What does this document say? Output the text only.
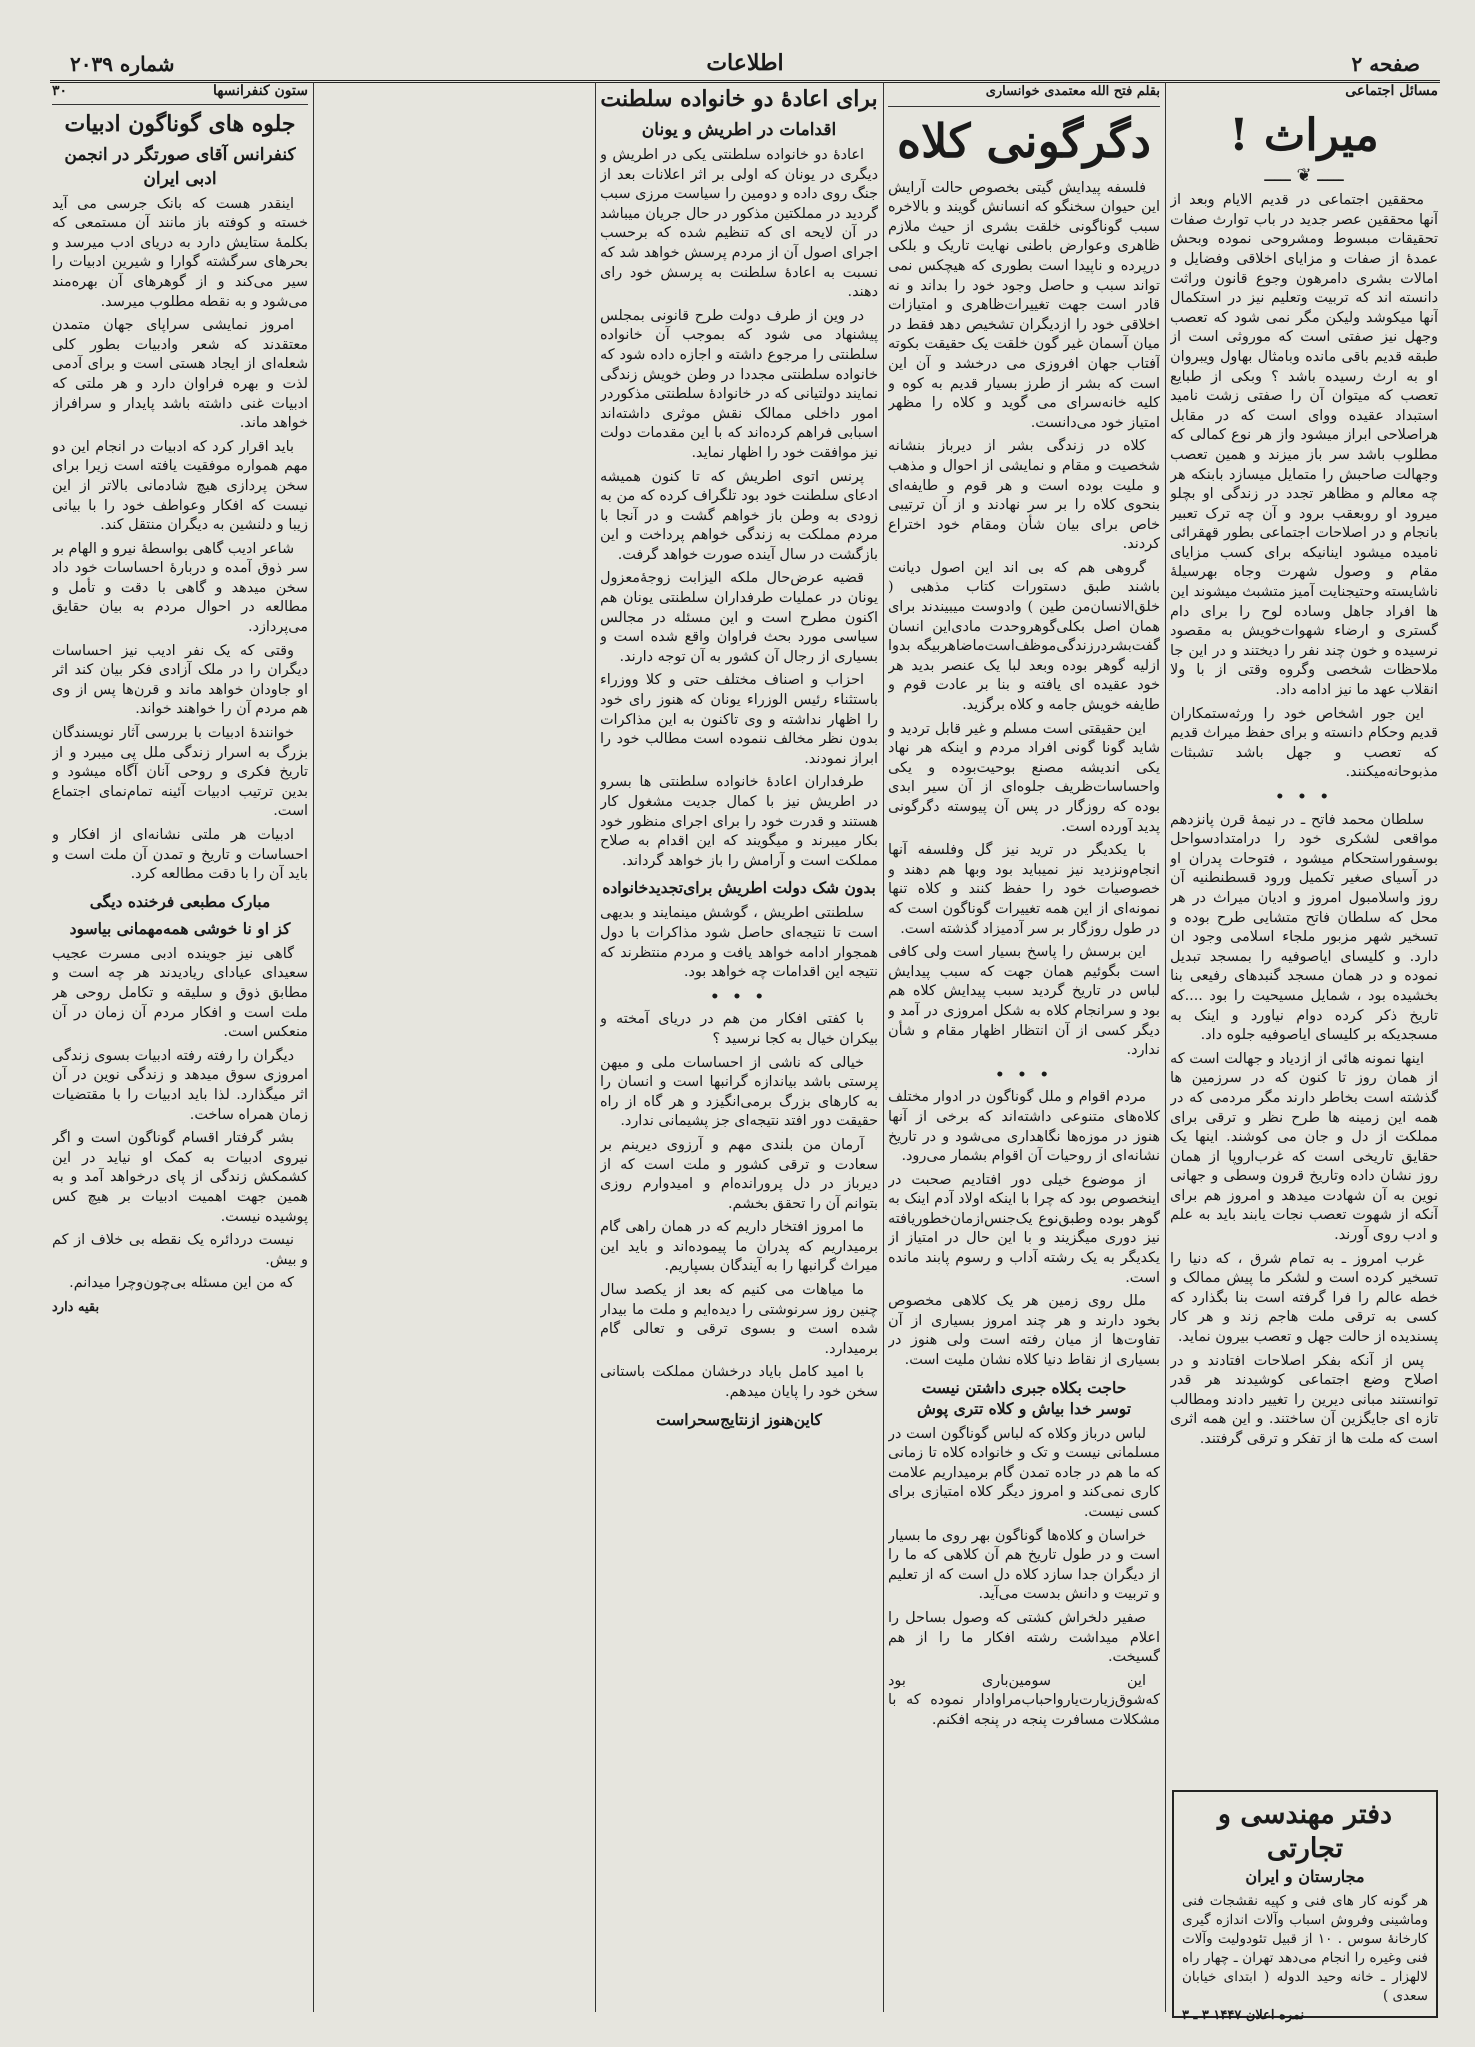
صفحه ۲
اطلاعات
شماره ۲۰۳۹
مسائل اجتماعی
میراث !
ـــــ ❦ ـــــ

محققین اجتماعی در قدیم الایام وبعد از آنها محققین عصر جدید در باب توارث صفات تحقیقات مبسوط ومشروحی نموده وبحش عمدهٔ از صفات و مزایای اخلاقی وفضایل و امالات بشری دامرهون وجوع قانون وراثت دانسته اند که تربیت وتعلیم نیز در استکمال آنها میکوشد ولیکن مگر نمی شود که تعصب وجهل نیز صفتی است که موروثی است از طبقه قدیم باقی مانده وبامثال بهاول ویبروان او به ارث رسیده باشد ؟ وبکی از طبایع تعصب که میتوان آن را صفتی زشت نامید استبداد عقیده ووای است که در مقابل هراصلاحی ابراز میشود واز هر نوع کمالی که مطلوب باشد سر باز میزند و همین تعصب وجهالت صاحبش را متمایل میسازد بابنکه هر چه معالم و مظاهر تجدد در زندگی او بچلو میرود او روبعقب برود و آن چه ترک تعبیر بانجام و در اصلاحات اجتماعی بطور قهقرائی نامیده میشود اینانیکه برای کسب مزایای مقام و وصول شهرت وجاه بهرسیلهٔ ناشایسته وحتیجنایت آمیز متشبث میشوند این ها افراد جاهل وساده لوح را برای دام گستری و ارضاء شهوات‌خویش به مقصود نرسیده و خون چند نفر را دیختند و در این جا ملاحظات شخصی وگروه وقتی از با ولا انقلاب عهد ما نیز ادامه داد.

این جور اشخاص خود را ورثه‌ستمکاران قدیم وحکام دانسته و برای حفظ میراث قدیم که تعصب و جهل باشد تشبثات مذبوحانه‌میکنند.

• • •

سلطان محمد فاتح ـ در نیمهٔ قرن پانزدهم مواقعی لشکری خود را درامتدادسواحل بوسفوراستحکام میشود ، فتوحات پدران او در آسیای صغیر تکمیل ورود قسطنطنیه آن روز واسلامبول امروز و ادیان میراث در هر محل که سلطان فاتح متشایی طرح بوده و تسخیر شهر مزبور ملجاء اسلامی وجود ان دارد. و کلیسای ایاصوفیه را بمسجد تبدیل نموده و در همان مسجد گنبدهای رفیعی بنا بخشیده بود ، شمایل مسیحیت را بود ....که تاریخ ذکر کرده دوام نیاورد و اینک به مسجدیکه بر کلیسای ایاصوفیه جلوه داد.

اینها نمونه هائی از ازدیاد و جهالت است که از همان روز تا کنون که در سرزمین ها گذشته است بخاطر دارند مگر مردمی که در همه این زمینه ها طرح نظر و ترقی برای مملکت از دل و جان می کوشند. اینها یک حقایق تاریخی است که غرب‌اروپا از همان روز نشان داده وتاریخ قرون وسطی و جهانی نوین به آن شهادت میدهد و امروز هم برای آنکه از شهوت تعصب نجات یابند باید به علم و ادب روی آورند.

غرب امروز ـ به تمام شرق ، که دنیا را تسخیر کرده است و لشکر ما پیش ممالک و خطه عالم را فرا گرفته است بنا بگذارد که کسی به ترقی ملت هاجم زند و هر کار پسندیده از حالت جهل و تعصب بیرون نماید.

پس از آنکه بفکر اصلاحات افتادند و در اصلاح وضع اجتماعی کوشیدند هر قدر توانستند مبانی دیرین را تغییر دادند ومطالب تازه ای جایگزین آن ساختند. و این همه اثری است که ملت ها از تفکر و ترقی گرفتند.

دفتر مهندسی و تجارتی
مجارستان و ایران
هر گونه کار های فنی و کپیه نقشجات فنی وماشینی وفروش اسباب وآلات اندازه‌ گیری کارخانهٔ سوس . ۱۰ از قبیل تئودولیت وآلات فنی وغیره را انجام می‌دهد تهران ـ چهار راه لالهزار ـ خانه وحید الدوله ( ابتدای خیابان سعدی )
نمره اعلان ۱۴۴۷ ۳ ـ ۳
بقلم فتح الله معتمدی خوانساری
دگرگونی کلاه

فلسفه پیدایش گیتی بخصوص حالت آرایش این حیوان سخنگو که انسانش گویند و بالاخره سبب گوناگونی خلقت بشری از حیث ملازم ظاهری وعوارض باطنی نهایت تاریک و بلکی درپرده و ناپیدا است بطوری که هیچکس نمی تواند سبب و حاصل وجود خود را بداند و نه قادر است جهت تغییرات‌ظاهری‌ و امتیازات اخلاقی خود را ازدیگران تشخیص دهد فقط در میان آسمان غیر گون خلقت یک حقیقت بکوته آفتاب جهان افروزی می درخشد و آن این است که بشر از طرز بسیار قدیم به کوه و کلیه خانه‌سرای می گوید و کلاه را مظهر امتیاز خود می‌دانست.

کلاه در زندگی بشر از دیرباز بنشانه شخصیت و مقام و نمایشی از احوال و مذهب و ملیت بوده است و هر قوم و طایفه‌ای بنحوی کلاه را بر سر نهادند و از آن ترتیبی خاص برای بیان شأن ومقام خود اختراع کردند.

گروهی هم که بی اند این اصول دیانت باشند طبق دستورات کتاب مذهبی ( خلق‌الانسان‌من‌ طین ) وادوست میبیندند برای همان اصل بکلی‌گوهروحدت مادی‌این انسان گفت‌بشر‌درزندگی‌موظف‌است‌ماضاهر‌بیگه بدوا ازلیه گوهر بوده وبعد لبا یک عنصر بدید هر خود عقیده ای یافته و بنا بر عادت قوم و طایفه خویش جامه و کلاه برگزید.

این حقیقتی است مسلم و غیر قابل تردید و شاید گونا گونی افراد مردم و اینکه هر نهاد یکی اندیشه مصنع بوحیت‌بوده و یکی واحساسات‌ظریف جلوه‌ای از آن سیر ابدی بوده که روزگار در پس آن پیوسته دگرگونی پدید آورده است.

با یکدیگر در ترید نیز گل وفلسفه آنها انجام‌ونزدید نیز نمیباید بود وبها هم دهند و خصوصیات خود را حفظ کنند و کلاه تنها نمونه‌ای از این همه تغییرات گوناگون است که در طول روزگار بر سر آدمیزاد گذشته است.

این برسش را پاسخ بسیار است ولی کافی است بگوئیم همان جهت که سبب پیدایش لباس در تاریخ گردید سبب پیدایش کلاه هم بود و سرانجام کلاه به شکل امروزی در آمد و دیگر کسی از آن انتظار اظهار مقام و شأن ندارد.

• • •

مردم اقوام و ملل گوناگون در ادوار مختلف کلاه‌های متنوعی داشته‌اند که برخی از آنها هنوز در موزه‌ها نگاهداری می‌شود و در تاریخ نشانه‌ای از روحیات آن اقوام بشمار می‌رود.

از موضوع خیلی دور افتادیم صحبت در اینخصوص بود که چرا با اینکه اولاد آدم اینک به گوهر بوده وطبق‌نوع‌ یک‌جنس‌ازمان‌خطور‌یافته نیز دوری میگزیند و با این حال در امتیاز از یکدیگر به یک رشته آداب و رسوم پابند مانده است.

ملل روی زمین هر یک کلاهی مخصوص بخود دارند و هر چند امروز بسیاری از آن تفاوت‌ها از میان رفته است ولی هنوز در بسیاری از نقاط دنیا کلاه نشان ملیت است.

حاجت بکلاه جبری داشتن نیست
توسر خدا بیاش و کلاه تتری پوش

لباس درباز وکلاه که لباس گوناگون است در مسلمانی نیست و تک و خانواده کلاه تا زمانی که ما هم در جاده تمدن گام برمیداریم علامت کاری نمی‌کند و امروز دیگر کلاه امتیازی برای کسی نیست.

خراسان و کلاه‌ها گوناگون بهر روی ما بسیار است و در طول تاریخ هم آن کلاهی که ما را از دیگران جدا سازد کلاه دل است که از تعلیم و تربیت و دانش بدست می‌آید.

صفیر دلخراش کشتی که وصول بساحل را اعلام میداشت رشته افکار ما را از هم گسیخت.

این سومین‌باری بود که‌شوق‌زیارت‌یار‌و‌احباب‌مرا‌وادار نموده که با مشکلات مسافرت پنجه در پنجه افکنم.

برای اعادهٔ دو خانواده سلطنت
اقدامات در اطریش و یونان

اعادهٔ دو خانواده سلطنتی یکی در اطریش و دیگری در یونان که اولی بر اثر اعلانات بعد از جنگ روی داده و دومین را سیاست مرزی سبب گردید در مملکتین مذکور در حال جریان میباشد در آن لایحه ای که تنظیم شده که برحسب اجرای اصول آن از مردم پرسش خواهد شد که نسبت به اعادهٔ سلطنت به پرسش خود رای دهند.

در وین از طرف دولت طرح قانونی بمجلس پیشنهاد می شود که بموجب آن خانواده سلطنتی را مرجوع داشته و اجازه داده شود که خانواده سلطنتی مجددا در وطن خویش زندگی نمایند دولتیانی که در خانوادهٔ سلطنتی مذکوردر امور داخلی ممالک نقش موثری داشته‌اند اسبابی فراهم کرده‌اند که با این مقدمات دولت نیز موافقت خود را اظهار نماید.

پرنس اتوی اطریش که تا کنون همیشه ادعای سلطنت خود بود تلگراف کرده که من به زودی به وطن باز خواهم گشت و در آنجا با مردم مملکت به زندگی خواهم پرداخت و این بازگشت در سال آینده صورت خواهد گرفت.

قضیه عرض‌حال ملکه الیزابت زوجهٔ‌معزول یونان در عملیات طرفداران سلطنتی یونان هم اکنون مطرح است و این مسئله در مجالس سیاسی مورد بحث فراوان واقع شده است و بسیاری از رجال آن کشور به آن توجه دارند.

احزاب و اصناف مختلف حتی و کلا ووزراء باستثناء رئیس الوزراء یونان که هنوز رای خود را اظهار نداشته و وی تاکنون به این مذاکرات بدون نظر مخالف ننموده است مطالب خود را ابراز نمودند.

طرفداران اعادهٔ خانواده سلطنتی ها بسرو در اطریش نیز با کمال جدیت مشغول کار هستند و قدرت خود را برای اجرای منظور خود بکار میبرند و میگویند که این اقدام به صلاح مملکت است و آرامش را باز خواهد گرداند.

بدون شک دولت اطریش برای‌تجدیدخانواده

سلطنتی اطریش ، گوشش مینمایند و بدیهی است تا نتیجه‌ای حاصل شود مذاکرات با دول همجوار ادامه خواهد یافت و مردم منتظرند که نتیجه این اقدامات چه خواهد بود.

• • •

با کفتی افکار من هم در دریای آمخته و بیکران خیال به کجا نرسید ؟

خیالی که ناشی از احساسات ملی و میهن پرستی باشد بیاندازه گرانبها است و انسان را به کارهای بزرگ برمی‌انگیزد و هر گاه از راه حقیقت دور افتد نتیجه‌ای جز پشیمانی ندارد.

آرمان من بلندی مهم و آرزوی دیرینم بر سعادت و ترقی کشور و ملت است که از دیرباز در دل پرورانده‌ام و امیدوارم روزی بتوانم آن را تحقق بخشم.

ما امروز افتخار داریم که در همان راهی گام برمیداریم که پدران ما پیموده‌اند و باید این میراث گرانبها را به آیندگان بسپاریم.

ما میاهات می کنیم که بعد از یکصد سال چنین روز سرنوشتی را دیده‌ایم و ملت ما بیدار شده است و بسوی ترقی و تعالی گام برمیدارد.

با امید کامل بایاد درخشان مملکت باستانی سخن خود را پایان میدهم.

کاین‌هنوز از‌نتایج‌سحر‌است
ستون کنفرانسها
۳۰
جلوه های گوناگون ادبیات
کنفرانس آقای صورتگر در انجمن ادبی ایران

اینقدر هست که بانک جرسی می آید خسته و کوفته باز مانند آن مستمعی که بکلمهٔ ستایش دارد به دریای ادب میرسد و بحرهای سرگشته گوارا و شیرین ادبیات را سیر می‌کند و از گوهرهای آن بهره‌مند می‌شود و به نقطه مطلوب میرسد.

امروز نمایشی سراپای جهان متمدن معتقدند که شعر وادبیات بطور کلی شعله‌ای از ایجاد هستی است و برای آدمی لذت و بهره فراوان دارد و هر ملتی که ادبیات غنی داشته باشد پایدار و سرافراز خواهد ماند.

باید اقرار کرد که ادبیات در انجام این دو مهم همواره موفقیت یافته است زیرا برای سخن پردازی هیچ شادمانی بالاتر از این نیست که افکار وعواطف خود را با بیانی زیبا و دلنشین به دیگران منتقل کند.

شاعر ادیب گاهی بواسطهٔ نیرو و الهام بر سر ذوق آمده و دربارهٔ احساسات خود داد سخن میدهد و گاهی با دقت و تأمل و مطالعه در احوال مردم به بیان حقایق می‌پردازد.

وقتی که یک نفر ادیب نیز احساسات دیگران را در ملک آزادی فکر بیان کند اثر او جاودان خواهد ماند و قرن‌ها پس از وی هم مردم آن را خواهند خواند.

خوانندهٔ ادبیات با بررسی آثار نویسندگان بزرگ به اسرار زندگی ملل پی میبرد و از تاریخ فکری و روحی آنان آگاه میشود و بدین ترتیب ادبیات آئینه تمام‌نمای اجتماع است.

ادبیات هر ملتی نشانه‌ای از افکار و احساسات و تاریخ و تمدن آن ملت است و باید آن را با دقت مطالعه کرد.

مبارک مطبعی فرخنده دیگی
کز او نا خوشی همه‌مهمانی بیاسود

گاهی نیز جوینده‌ ادبی‌ مسرت‌ عجیب‌ سعید‌ای‌ عیاد‌ای‌ ریادیدند هر چه است و مطابق ذوق و سلیقه و تکامل روحی هر ملت است و افکار مردم آن زمان در آن منعکس است.

دیگران را رفته رفته ادبیات بسوی زندگی امروزی سوق میدهد و زندگی نوین در آن اثر میگذارد. لذا باید ادبیات را با مقتضیات زمان همراه ساخت.

بشر گرفتار اقسام گوناگون است و اگر نیروی ادبیات به کمک او نیاید در این کشمکش زندگی از پای درخواهد آمد و به همین جهت اهمیت ادبیات بر هیچ کس پوشیده نیست.

نیست درد‌ائره‌ یک‌ نقطه‌ بی‌ خلاف‌ از کم و بیش.

که من این مسئله بی‌چون‌وچرا میدانم.

بقیه دارد
